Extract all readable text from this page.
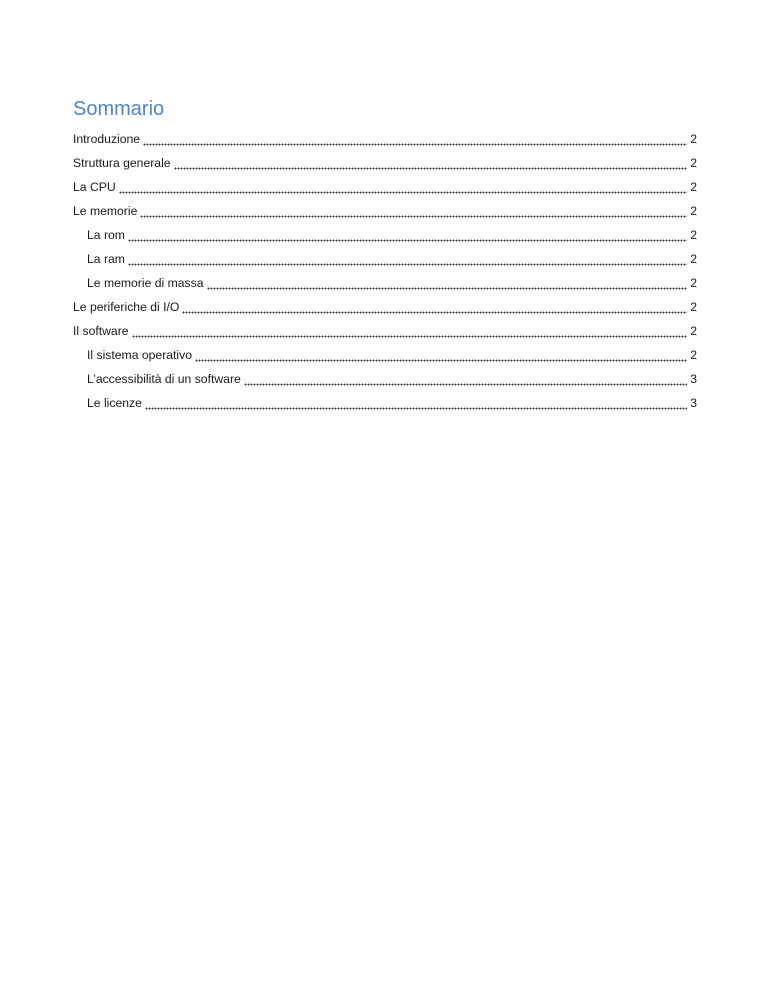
Sommario
Introduzione	2
Struttura generale	2
La CPU	2
Le memorie	2
La rom	2
La ram	2
Le memorie di massa	2
Le periferiche di I/O	2
Il software	2
Il sistema operativo	2
L’accessibilità di un software	3
Le licenze	3
